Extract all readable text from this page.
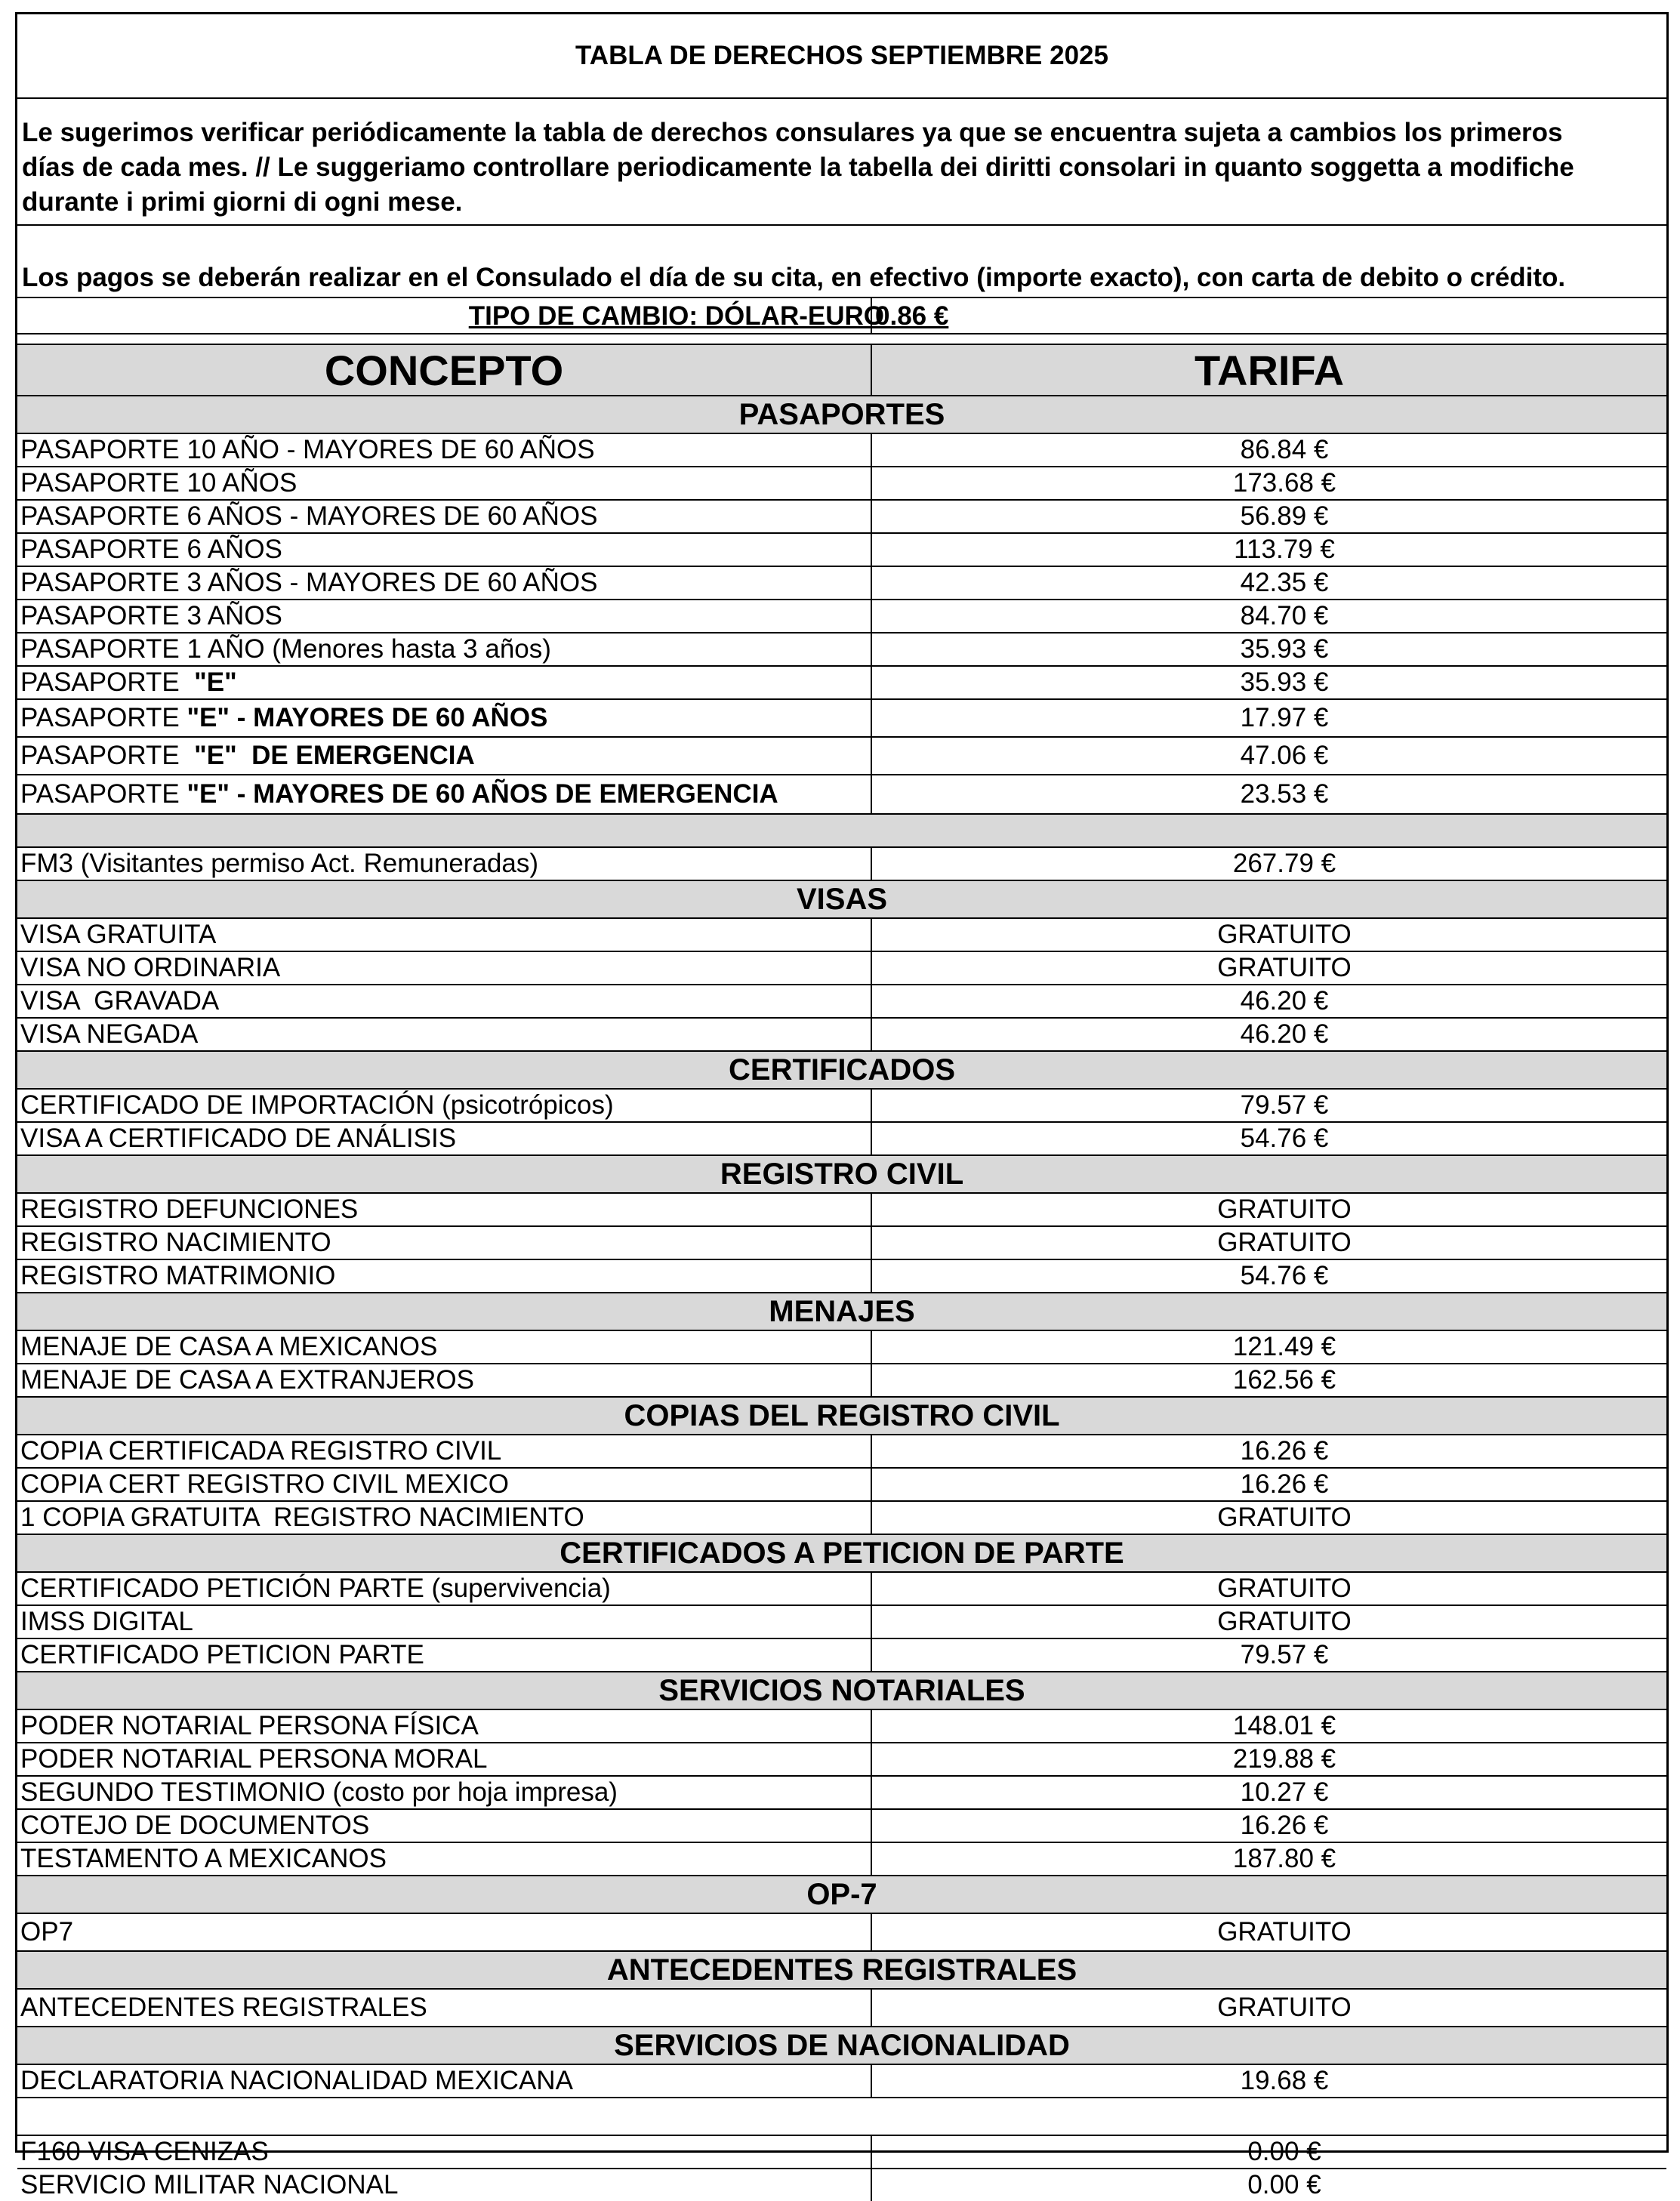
TABLA DE DERECHOS SEPTIEMBRE 2025
Le sugerimos verificar periódicamente la tabla de derechos consulares ya que se encuentra sujeta a cambios los primeros
días de cada mes. // Le suggeriamo controllare periodicamente la tabella dei diritti consolari in quanto soggetta a modifiche
durante i primi giorni di ogni mese.
Los pagos se deberán realizar en el Consulado el día de su cita, en efectivo (importe exacto), con carta de debito o crédito.
TIPO DE CAMBIO: DÓLAR-EURO
0.86 €
CONCEPTO	TARIFA
PASAPORTES
PASAPORTE 10 AÑO - MAYORES DE 60 AÑOS	86.84 €
PASAPORTE 10 AÑOS	173.68 €
PASAPORTE 6 AÑOS - MAYORES DE 60 AÑOS	56.89 €
PASAPORTE 6 AÑOS	113.79 €
PASAPORTE 3 AÑOS - MAYORES DE 60 AÑOS	42.35 €
PASAPORTE 3 AÑOS	84.70 €
PASAPORTE 1 AÑO (Menores hasta 3 años)	35.93 €
PASAPORTE "E"	35.93 €
PASAPORTE "E" - MAYORES DE 60 AÑOS	17.97 €
PASAPORTE "E"  DE EMERGENCIA	47.06 €
PASAPORTE "E" - MAYORES DE 60 AÑOS DE EMERGENCIA	23.53 €
FM3 (Visitantes permiso Act. Remuneradas)	267.79 €
VISAS
VISA GRATUITA	GRATUITO
VISA NO ORDINARIA	GRATUITO
VISA  GRAVADA	46.20 €
VISA NEGADA	46.20 €
CERTIFICADOS
CERTIFICADO DE IMPORTACIÓN (psicotrópicos)	79.57 €
VISA A CERTIFICADO DE ANÁLISIS	54.76 €
REGISTRO CIVIL
REGISTRO DEFUNCIONES	GRATUITO
REGISTRO NACIMIENTO	GRATUITO
REGISTRO MATRIMONIO	54.76 €
MENAJES
MENAJE DE CASA A MEXICANOS	121.49 €
MENAJE DE CASA A EXTRANJEROS	162.56 €
COPIAS DEL REGISTRO CIVIL
COPIA CERTIFICADA REGISTRO CIVIL	16.26 €
COPIA CERT REGISTRO CIVIL MEXICO	16.26 €
1 COPIA GRATUITA  REGISTRO NACIMIENTO	GRATUITO
CERTIFICADOS A PETICION DE PARTE
CERTIFICADO PETICIÓN PARTE (supervivencia)	GRATUITO
IMSS DIGITAL	GRATUITO
CERTIFICADO PETICION PARTE	79.57 €
SERVICIOS NOTARIALES
PODER NOTARIAL PERSONA FÍSICA	148.01 €
PODER NOTARIAL PERSONA MORAL	219.88 €
SEGUNDO TESTIMONIO (costo por hoja impresa)	10.27 €
COTEJO DE DOCUMENTOS	16.26 €
TESTAMENTO A MEXICANOS	187.80 €
OP-7
OP7	GRATUITO
ANTECEDENTES REGISTRALES
ANTECEDENTES REGISTRALES	GRATUITO
SERVICIOS DE NACIONALIDAD
DECLARATORIA NACIONALIDAD MEXICANA	19.68 €
F160 VISA CENIZAS	0.00 €
SERVICIO MILITAR NACIONAL	0.00 €
